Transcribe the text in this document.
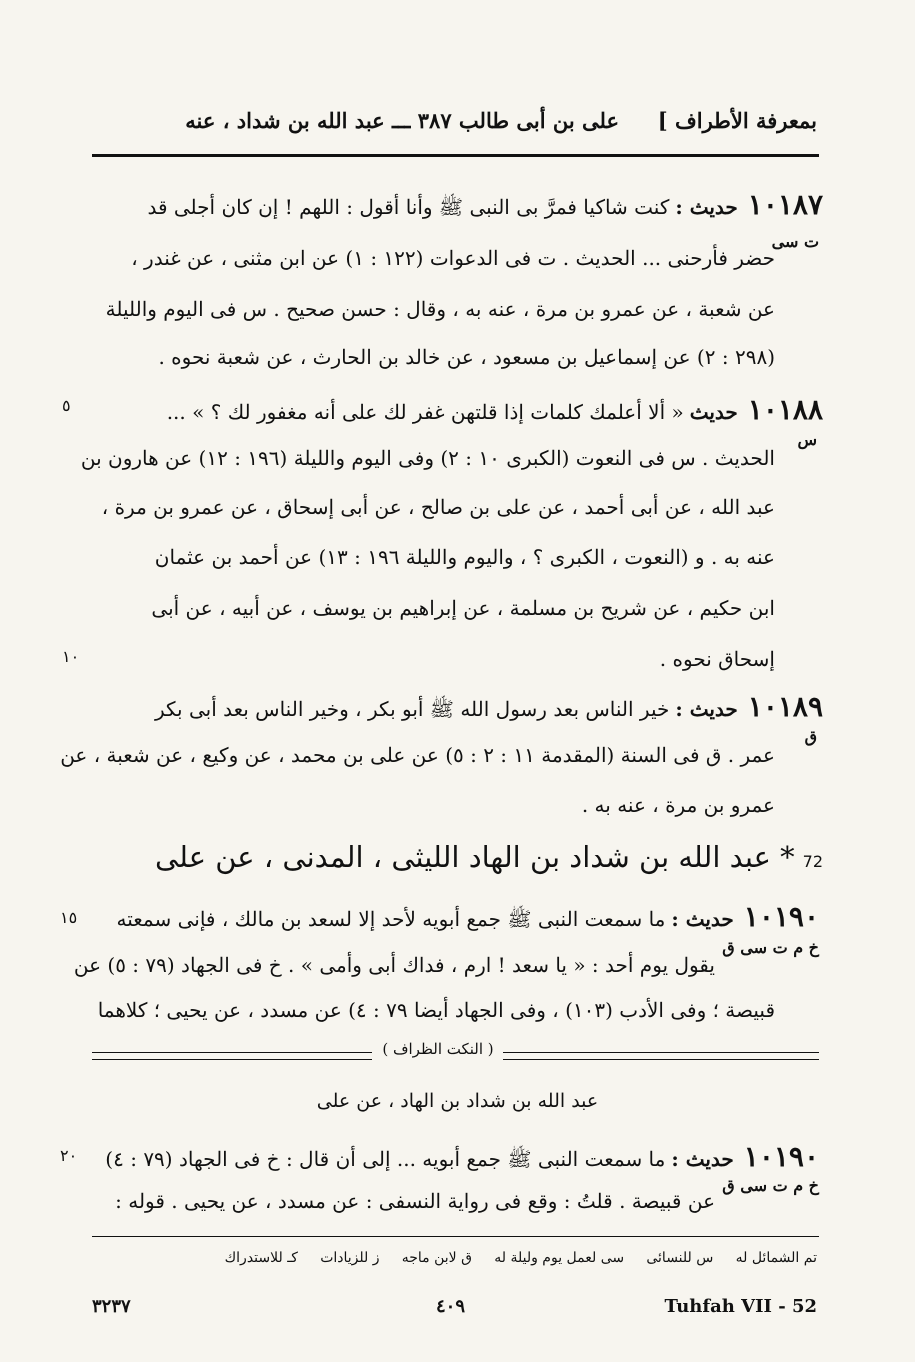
بمعرفة الأطراف ]
على بن أبى طالب ٣٨٧ ـــ عبد الله بن شداد ، عنه
١٠١٨٧حديث :كنت شاكيا فمرَّ بى النبى ﷺ وأنا أقول : اللهم ! إن كان أجلى قد
ت سى
حضر فأرحنى ... الحديث . ت فى الدعوات (١٢٢ : ١) عن ابن مثنى ، عن غندر ،
عن شعبة ، عن عمرو بن مرة ، عنه به ، وقال : حسن صحيح . س فى اليوم والليلة
(٢٩٨ : ٢) عن إسماعيل بن مسعود ، عن خالد بن الحارث ، عن شعبة نحوه .
١٠١٨٨حديث« ألا أعلمك كلمات إذا قلتهن غفر لك على أنه مغفور لك ؟ » ...
٥
س
الحديث . س فى النعوت (الكبرى ١٠ : ٢) وفى اليوم والليلة (١٩٦ : ١٢) عن هارون بن
عبد الله ، عن أبى أحمد ، عن على بن صالح ، عن أبى إسحاق ، عن عمرو بن مرة ،
عنه به . و (النعوت ، الكبرى ؟ ، واليوم والليلة ١٩٦ : ١٣) عن أحمد بن عثمان
ابن حكيم ، عن شريح بن مسلمة ، عن إبراهيم بن يوسف ، عن أبيه ، عن أبى
إسحاق نحوه .
١٠
١٠١٨٩حديث :خير الناس بعد رسول الله ﷺ أبو بكر ، وخير الناس بعد أبى بكر
ق
عمر . ق فى السنة (المقدمة ١١ : ٢ : ٥) عن على بن محمد ، عن وكيع ، عن شعبة ، عن
عمرو بن مرة ، عنه به .
72* عبد الله بن شداد بن الهاد الليثى ، المدنى ، عن على
١٠١٩٠حديث :ما سمعت النبى ﷺ جمع أبويه لأحد إلا لسعد بن مالك ، فإنى سمعته
١٥
خ م ت سى ق
يقول يوم أحد : « يا سعد ! ارم ، فداك أبى وأمى » . خ فى الجهاد (٧٩ : ٥) عن
قبيصة ؛ وفى الأدب (١٠٣) ، وفى الجهاد أيضا ٧٩ : ٤) عن مسدد ، عن يحيى ؛ كلاهما
( النكت الظراف )
عبد الله بن شداد بن الهاد ، عن على
١٠١٩٠حديث :ما سمعت النبى ﷺ جمع أبويه ... إلى أن قال : خ فى الجهاد (٧٩ : ٤)
٢٠
خ م ت سى ق
عن قبيصة . قلتُ : وقع فى رواية النسفى : عن مسدد ، عن يحيى . قوله :
تم الشمائل له     س للنسائى     سى لعمل يوم وليلة له     ق لابن ماجه     ز للزيادات     كـ للاستدراك
٣٢٣٧	٤٠٩	Tuhfah VII - 52
